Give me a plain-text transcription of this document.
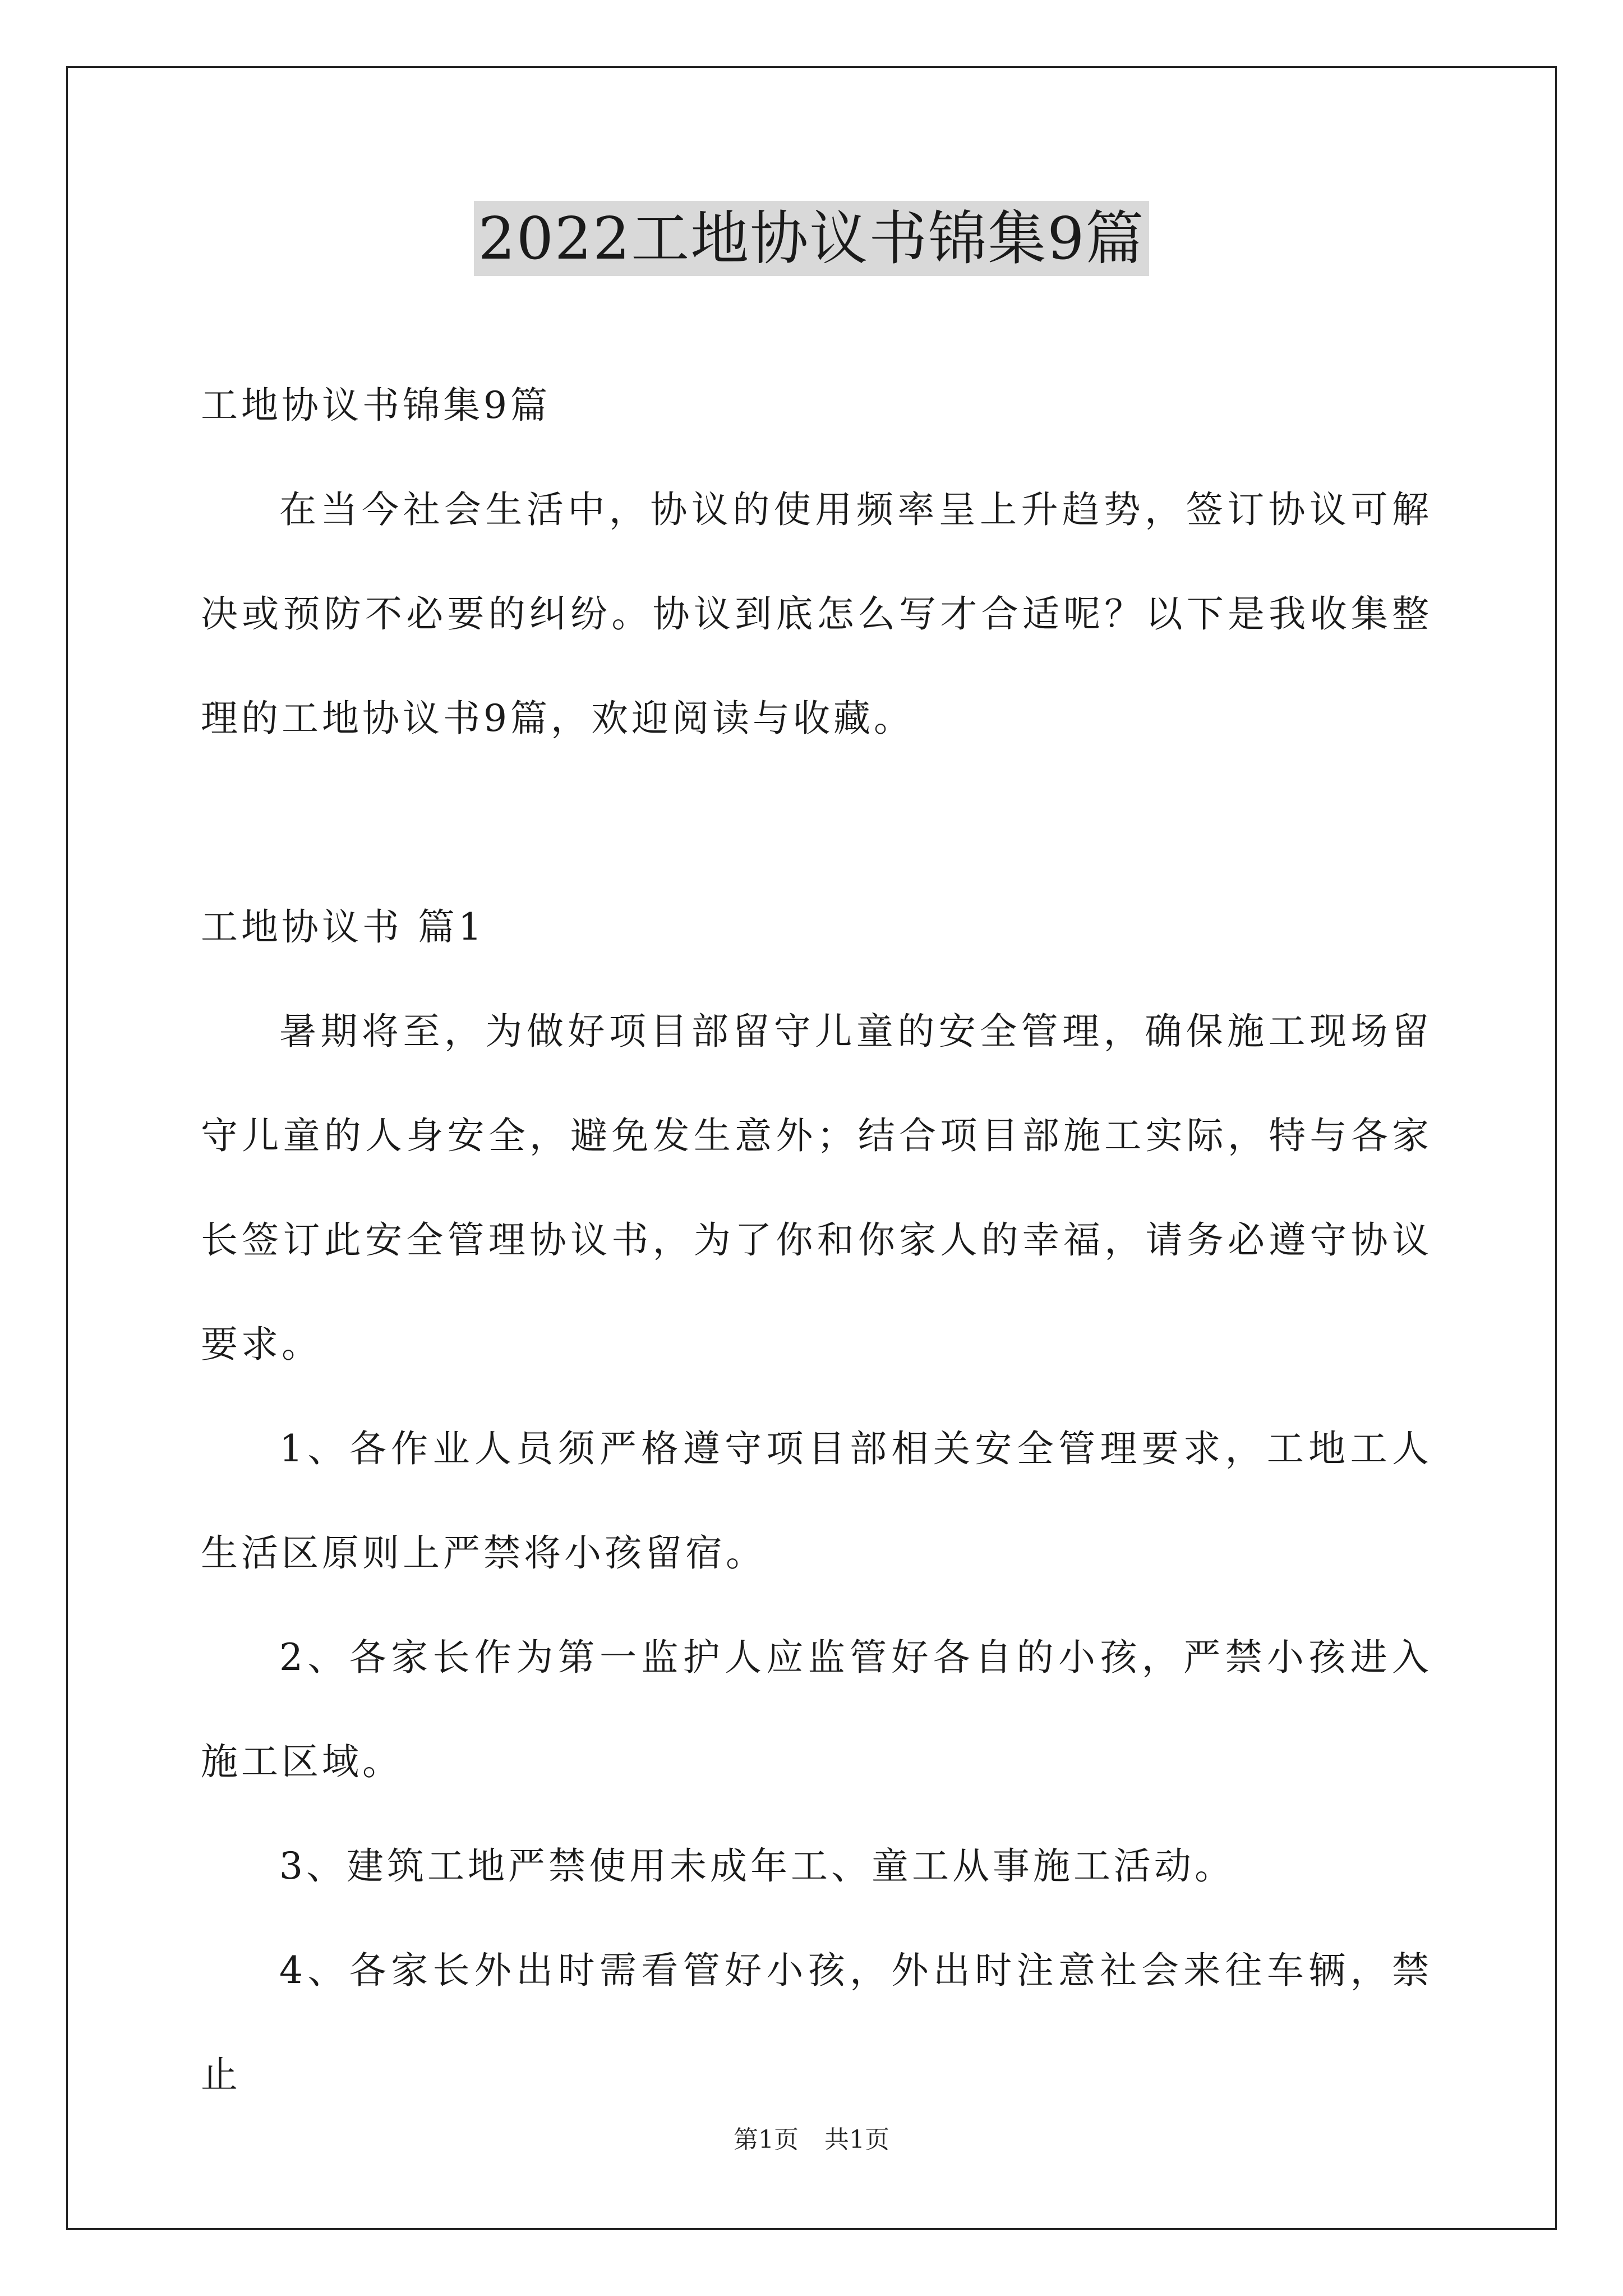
2022工地协议书锦集9篇
工地协议书锦集9篇
在当今社会生活中，协议的使用频率呈上升趋势，签订协议可解决或预防不必要的纠纷。协议到底怎么写才合适呢？以下是我收集整理的工地协议书9篇，欢迎阅读与收藏。
工地协议书 篇1
暑期将至，为做好项目部留守儿童的安全管理，确保施工现场留守儿童的人身安全，避免发生意外；结合项目部施工实际，特与各家长签订此安全管理协议书，为了你和你家人的幸福，请务必遵守协议要求。
1、各作业人员须严格遵守项目部相关安全管理要求，工地工人生活区原则上严禁将小孩留宿。
2、各家长作为第一监护人应监管好各自的小孩，严禁小孩进入施工区域。
3、建筑工地严禁使用未成年工、童工从事施工活动。
4、各家长外出时需看管好小孩，外出时注意社会来往车辆，禁止
第1页 共1页
